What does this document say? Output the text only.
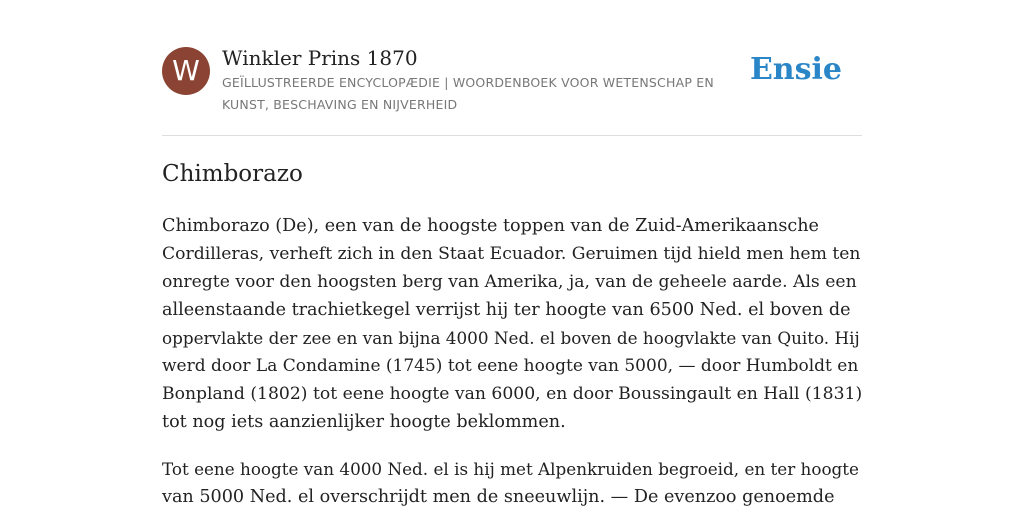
W	Winkler Prins 1870
GEÏLLUSTREERDE ENCYCLOPÆDIE | WOORDENBOEK VOOR WETENSCHAP EN KUNST, BESCHAVING EN NIJVERHEID
Ensie
Chimborazo

Chimborazo (De), een van de hoogste toppen van de Zuid-Amerikaansche
Cordilleras, verheft zich in den Staat Ecuador. Geruimen tijd hield men hem ten
onregte voor den hoogsten berg van Amerika, ja, van de geheele aarde. Als een
alleenstaande trachietkegel verrijst hij ter hoogte van 6500 Ned. el boven de
oppervlakte der zee en van bijna 4000 Ned. el boven de hoogvlakte van Quito. Hij
werd door La Condamine (1745) tot eene hoogte van 5000, — door Humboldt en
Bonpland (1802) tot eene hoogte van 6000, en door Boussingault en Hall (1831)
tot nog iets aanzienlijker hoogte beklommen.

Tot eene hoogte van 4000 Ned. el is hij met Alpenkruiden begroeid, en ter hoogte
van 5000 Ned. el overschrijdt men de sneeuwlijn. — De evenzoo genoemde
